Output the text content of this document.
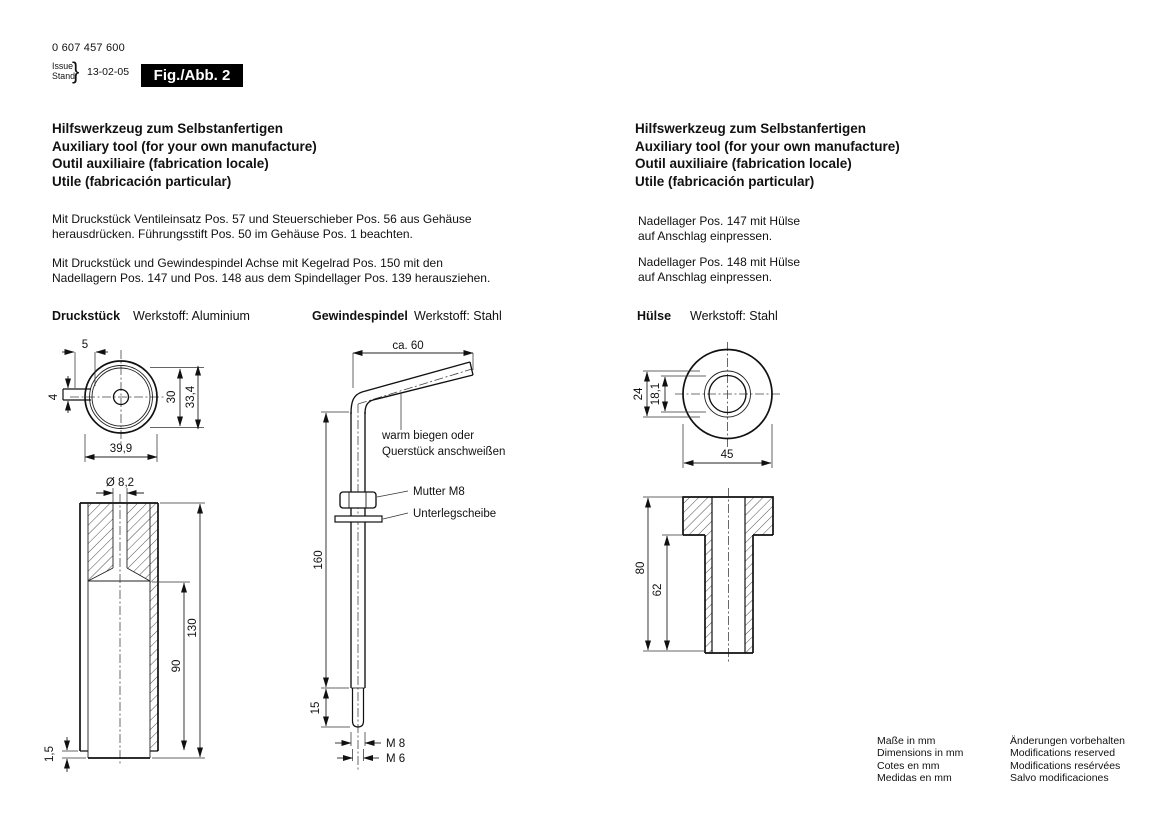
0 607 457 600
Issue
Stand
} 13-02-05	Fig./Abb. 2
Hilfswerkzeug zum Selbstanfertigen
Auxiliary tool (for your own manufacture)
Outil auxiliaire (fabrication locale)
Utile (fabricación particular)
Mit Druckstück Ventileinsatz Pos. 57 und Steuerschieber Pos. 56 aus Gehäuse
herausdrücken. Führungsstift Pos. 50 im Gehäuse Pos. 1 beachten.
Mit Druckstück und Gewindespindel Achse mit Kegelrad Pos. 150 mit den
Nadellagern Pos. 147 und Pos. 148 aus dem Spindellager Pos. 139 herausziehen.
Hilfswerkzeug zum Selbstanfertigen
Auxiliary tool (for your own manufacture)
Outil auxiliaire (fabrication locale)
Utile (fabricación particular)
Nadellager Pos. 147 mit Hülse
auf Anschlag einpressen.
Nadellager Pos. 148 mit Hülse
auf Anschlag einpressen.
Druckstück Werkstoff: Aluminium	Gewindespindel Werkstoff: Stahl	Hülse Werkstoff: Stahl
5
4	30 33,4
39,9
Ø 8,2
130
90
1,5
ca. 60
warm biegen oder
Querstück anschweißen
Mutter M8
Unterlegscheibe
160
15
M 8
M 6
24 18,1
45
80
62
Maße in mm
Dimensions in mm
Cotes en mm
Medidas en mm
Änderungen vorbehalten
Modifications reserved
Modifications resérvées
Salvo modificaciones
